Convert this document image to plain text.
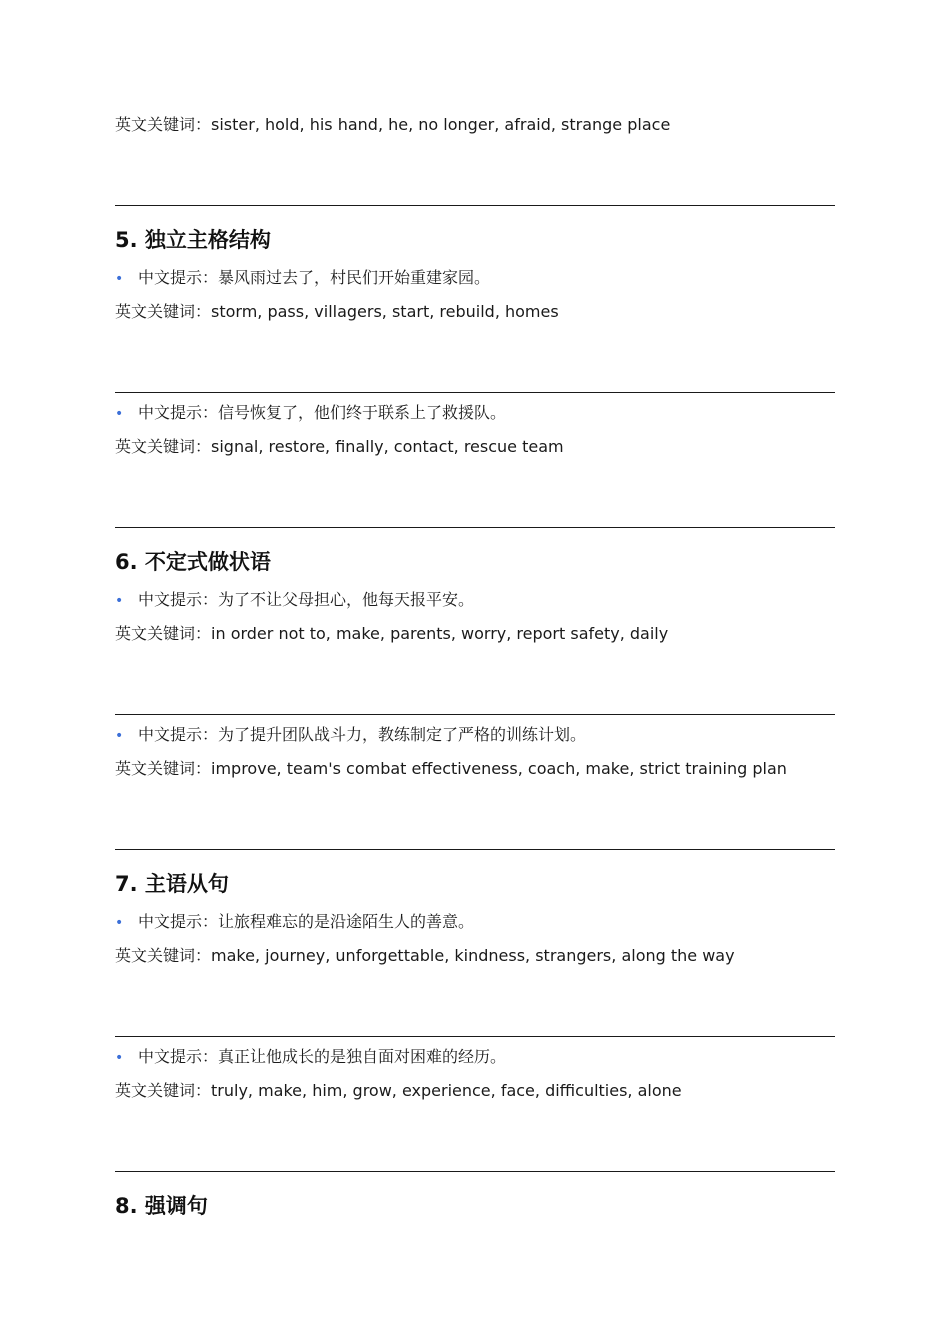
英文关键词：sister, hold, his hand, he, no longer, afraid, strange place
5. 独立主格结构
• 中文提示：暴风雨过去了，村民们开始重建家园。
英文关键词：storm, pass, villagers, start, rebuild, homes
• 中文提示：信号恢复了，他们终于联系上了救援队。
英文关键词：signal, restore, finally, contact, rescue team
6. 不定式做状语
• 中文提示：为了不让父母担心，他每天报平安。
英文关键词：in order not to, make, parents, worry, report safety, daily
• 中文提示：为了提升团队战斗力，教练制定了严格的训练计划。
英文关键词：improve, team's combat effectiveness, coach, make, strict training plan
7. 主语从句
• 中文提示：让旅程难忘的是沿途陌生人的善意。
英文关键词：make, journey, unforgettable, kindness, strangers, along the way
• 中文提示：真正让他成长的是独自面对困难的经历。
英文关键词：truly, make, him, grow, experience, face, difficulties, alone
8. 强调句
